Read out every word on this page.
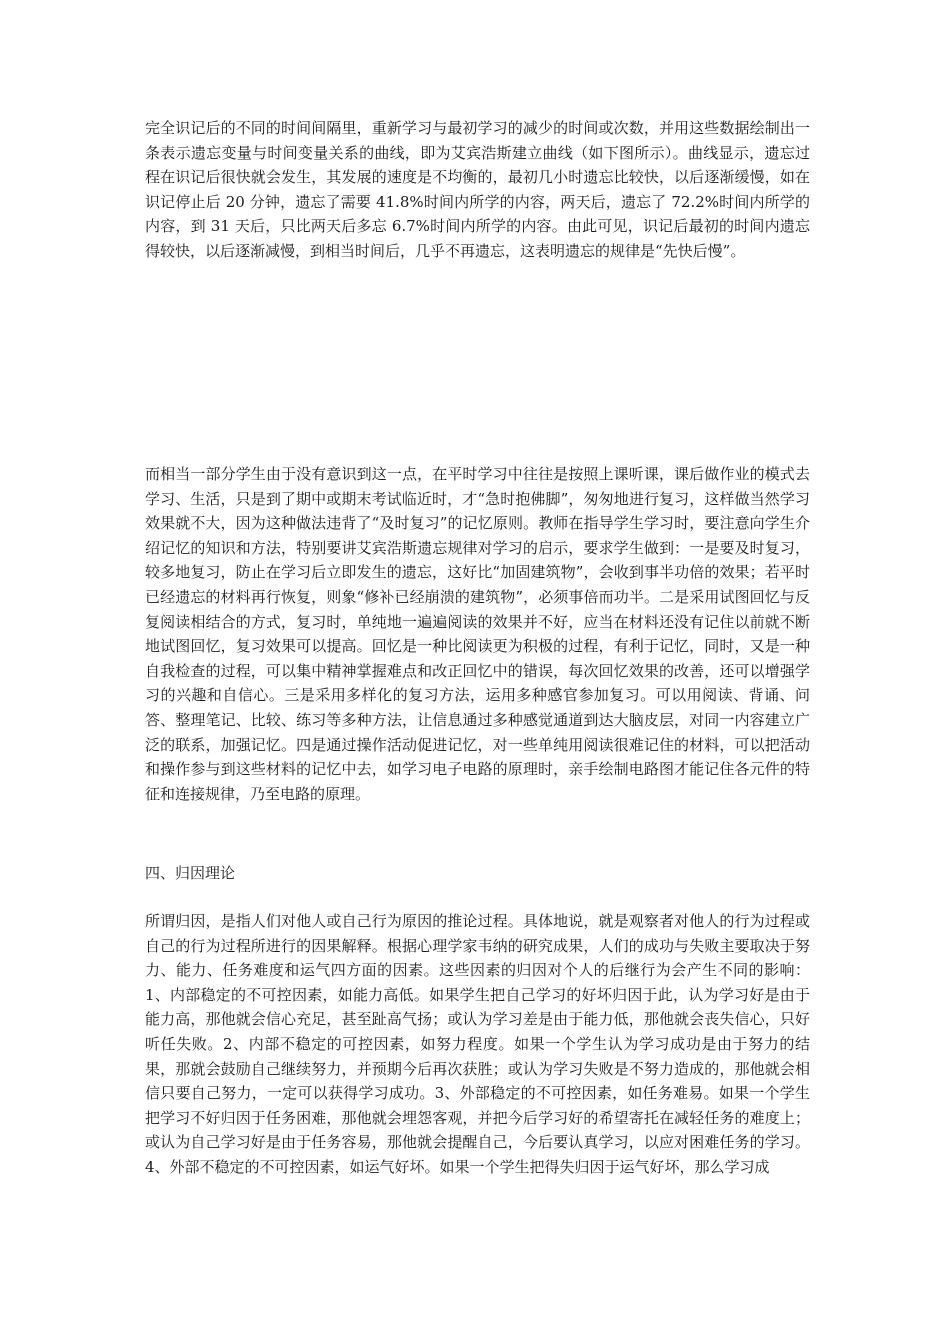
完全识记后的不同的时间间隔里，重新学习与最初学习的减少的时间或次数，并用这些数据绘制出一条表示遗忘变量与时间变量关系的曲线，即为艾宾浩斯建立曲线（如下图所示）。曲线显示，遗忘过程在识记后很快就会发生，其发展的速度是不均衡的，最初几小时遗忘比较快，以后逐渐缓慢，如在识记停止后 20 分钟，遗忘了需要 41.8%时间内所学的内容，两天后，遗忘了 72.2%时间内所学的内容，到 31 天后，只比两天后多忘 6.7%时间内所学的内容。由此可见，识记后最初的时间内遗忘得较快，以后逐渐减慢，到相当时间后，几乎不再遗忘，这表明遗忘的规律是“先快后慢”。

而相当一部分学生由于没有意识到这一点，在平时学习中往往是按照上课听课，课后做作业的模式去学习、生活，只是到了期中或期末考试临近时，才“急时抱佛脚”，匆匆地进行复习，这样做当然学习效果就不大，因为这种做法违背了“及时复习”的记忆原则。教师在指导学生学习时，要注意向学生介绍记忆的知识和方法，特别要讲艾宾浩斯遗忘规律对学习的启示，要求学生做到：一是要及时复习，较多地复习，防止在学习后立即发生的遗忘，这好比“加固建筑物”，会收到事半功倍的效果；若平时已经遗忘的材料再行恢复，则象“修补已经崩溃的建筑物”，必须事倍而功半。二是采用试图回忆与反复阅读相结合的方式，复习时，单纯地一遍遍阅读的效果并不好，应当在材料还没有记住以前就不断地试图回忆，复习效果可以提高。回忆是一种比阅读更为积极的过程，有利于记忆，同时，又是一种自我检查的过程，可以集中精神掌握难点和改正回忆中的错误，每次回忆效果的改善，还可以增强学习的兴趣和自信心。三是采用多样化的复习方法，运用多种感官参加复习。可以用阅读、背诵、问答、整理笔记、比较、练习等多种方法，让信息通过多种感觉通道到达大脑皮层，对同一内容建立广泛的联系，加强记忆。四是通过操作活动促进记忆，对一些单纯用阅读很难记住的材料，可以把活动和操作参与到这些材料的记忆中去，如学习电子电路的原理时，亲手绘制电路图才能记住各元件的特征和连接规律，乃至电路的原理。

四、归因理论

所谓归因，是指人们对他人或自己行为原因的推论过程。具体地说，就是观察者对他人的行为过程或自己的行为过程所进行的因果解释。根据心理学家韦纳的研究成果，人们的成功与失败主要取决于努力、能力、任务难度和运气四方面的因素。这些因素的归因对个人的后继行为会产生不同的影响：1、内部稳定的不可控因素，如能力高低。如果学生把自己学习的好坏归因于此，认为学习好是由于能力高，那他就会信心充足，甚至趾高气扬；或认为学习差是由于能力低，那他就会丧失信心，只好听任失败。2、内部不稳定的可控因素，如努力程度。如果一个学生认为学习成功是由于努力的结果，那就会鼓励自己继续努力，并预期今后再次获胜；或认为学习失败是不努力造成的，那他就会相信只要自己努力，一定可以获得学习成功。3、外部稳定的不可控因素，如任务难易。如果一个学生把学习不好归因于任务困难，那他就会埋怨客观，并把今后学习好的希望寄托在减轻任务的难度上；或认为自己学习好是由于任务容易，那他就会提醒自己，今后要认真学习，以应对困难任务的学习。4、外部不稳定的不可控因素，如运气好坏。如果一个学生把得失归因于运气好坏，那么学习成
